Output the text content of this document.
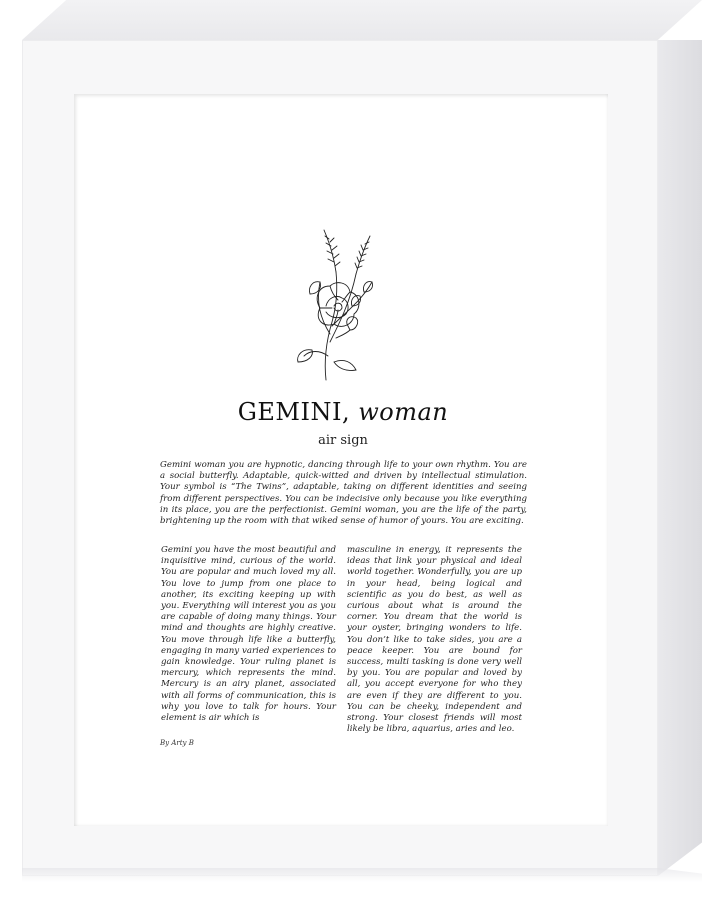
GEMINI, woman
air sign
Gemini woman you are hypnotic, dancing through life to your own rhythm. You are a social butterfly. Adaptable, quick-witted and driven by intellectual stimulation. Your symbol is “The Twins”, adaptable, taking on different identities and seeing from different perspectives. You can be indecisive only because you like everything in its place, you are the perfectionist. Gemini woman, you are the life of the party, brightening up the room with that wiked sense of humor of yours. You are exciting.
Gemini you have the most beautiful and inquisitive mind, curious of the world. You are popular and much loved my all. You love to jump from one place to another, its exciting keeping up with you. Everything will interest you as you are capable of doing many things. Your mind and thoughts are highly creative. You move through life like a butterfly, engaging in many varied experiences to gain knowledge. Your ruling planet is mercury, which represents the mind. Mercury is an airy planet, associated with all forms of communication, this is why you love to talk for hours. Your element is air which is
masculine in energy, it represents the ideas that link your physical and ideal world together. Wonderfully, you are up in your head, being logical and scientific as you do best, as well as curious about what is around the corner. You dream that the world is your oyster, bringing wonders to life. You don’t like to take sides, you are a peace keeper. You are bound for success, multi tasking is done very well by you. You are popular and loved by all, you accept everyone for who they are even if they are different to you. You can be cheeky, independent and strong. Your closest friends will most likely be libra, aquarius, aries and leo.
By Arty B
